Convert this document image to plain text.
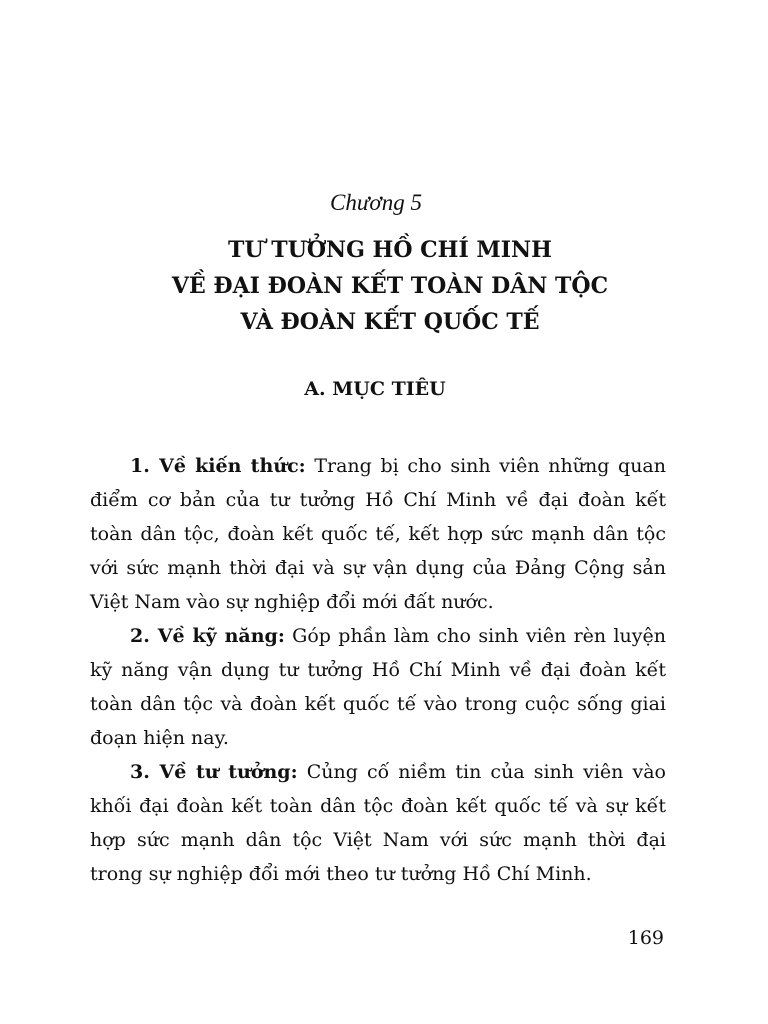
Chương 5
TƯ TƯỞNG HỒ CHÍ MINH
VỀ ĐẠI ĐOÀN KẾT TOÀN DÂN TỘC
VÀ ĐOÀN KẾT QUỐC TẾ
A. MỤC TIÊU

1. Về kiến thức: Trang bị cho sinh viên những quan điểm cơ bản của tư tưởng Hồ Chí Minh về đại đoàn kết toàn dân tộc, đoàn kết quốc tế, kết hợp sức mạnh dân tộc với sức mạnh thời đại và sự vận dụng của Đảng Cộng sản Việt Nam vào sự nghiệp đổi mới đất nước.

2. Về kỹ năng: Góp phần làm cho sinh viên rèn luyện kỹ năng vận dụng tư tưởng Hồ Chí Minh về đại đoàn kết toàn dân tộc và đoàn kết quốc tế vào trong cuộc sống giai đoạn hiện nay.

3. Về tư tưởng: Củng cố niềm tin của sinh viên vào khối đại đoàn kết toàn dân tộc đoàn kết quốc tế và sự kết hợp sức mạnh dân tộc Việt Nam với sức mạnh thời đại trong sự nghiệp đổi mới theo tư tưởng Hồ Chí Minh.

169
